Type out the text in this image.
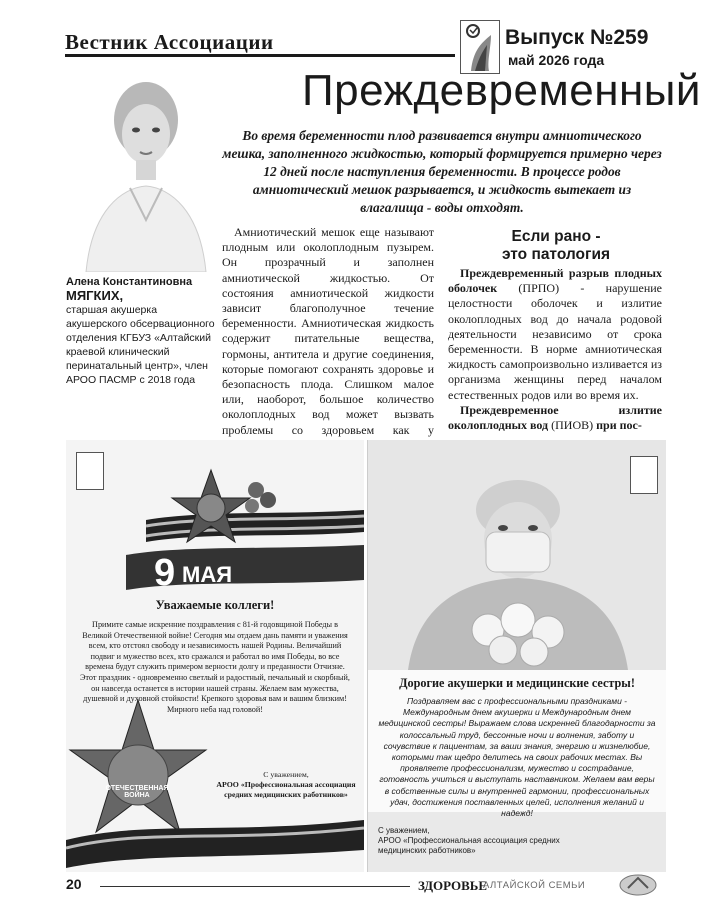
Вестник Ассоциации	Выпуск №259
май 2026 года
Преждевременный
Во время беременности плод развивается внутри амниотического мешка, заполненного жидкостью, который формируется примерно через 12 дней после наступления беременности. В процессе родов амниотический мешок разрывается, и жидкость вытекает из влагалища - воды отходят.
Алена Константиновна
МЯГКИХ,
старшая акушерка акушерского обсервационного отделения КГБУЗ «Алтайский краевой клинический перинатальный центр», член АРОО ПАСМР с 2018 года
Амниотический мешок еще называют плодным или околоплодным пузырем. Он прозрачный и заполнен амниотической жидкостью. От состояния амниотической жидкости зависит благополучное течение беременности. Амниотическая жидкость содержит питательные вещества, гормоны, антитела и другие соединения, которые помогают сохранять здоровье и безопасность плода. Слишком малое или, наоборот, большое количество околоплодных вод может вызвать проблемы со здоровьем как у
Если рано -
это патология

Преждевременный разрыв плодных оболочек (ПРПО) - нарушение целостности оболочек и излитие околоплодных вод до начала родовой деятельности независимо от срока беременности. В норме амниотическая жидкость самопроизвольно изливается из организма женщины перед началом естественных родов или во время их.

Преждевременное излитие околоплодных вод (ПИОВ) при пос-

9 МАЯ
Уважаемые коллеги!
Примите самые искренние поздравления с 81-й годовщиной Победы в Великой Отечественной войне! Сегодня мы отдаем дань памяти и уважения всем, кто отстоял свободу и независимость нашей Родины. Величайший подвиг и мужество всех, кто сражался и работал во имя Победы, во все времена будут служить примером верности долгу и преданности Отчизне. Этот праздник - одновременно светлый и радостный, печальный и скорбный, он навсегда останется в истории нашей страны. Желаем вам мужества, душевной и духовной стойкости! Крепкого здоровья вам и вашим близким! Мирного неба над головой!
ОТЕЧЕСТВЕННАЯ ВОЙНА
С уважением,
АРОО «Профессиональная ассоциация средних медицинских работников»
Дорогие акушерки и медицинские сестры!
Поздравляем вас с профессиональными праздниками - Международным днем акушерки и Международным днем медицинской сестры! Выражаем слова искренней благодарности за колоссальный труд, бессонные ночи и волнения, заботу и сочувствие к пациентам, за ваши знания, энергию и жизнелюбие, которыми так щедро делитесь на своих рабочих местах. Вы проявляете профессионализм, мужество и сострадание, готовность учиться и выступать наставником. Желаем вам веры в собственные силы и внутренней гармонии, профессиональных удач, достижения поставленных целей, исполнения желаний и надежд!
С уважением,
АРОО «Профессиональная ассоциация средних медицинских работников»
20	ЗДОРОВЬЕ
АЛТАЙСКОЙ СЕМЬИ
